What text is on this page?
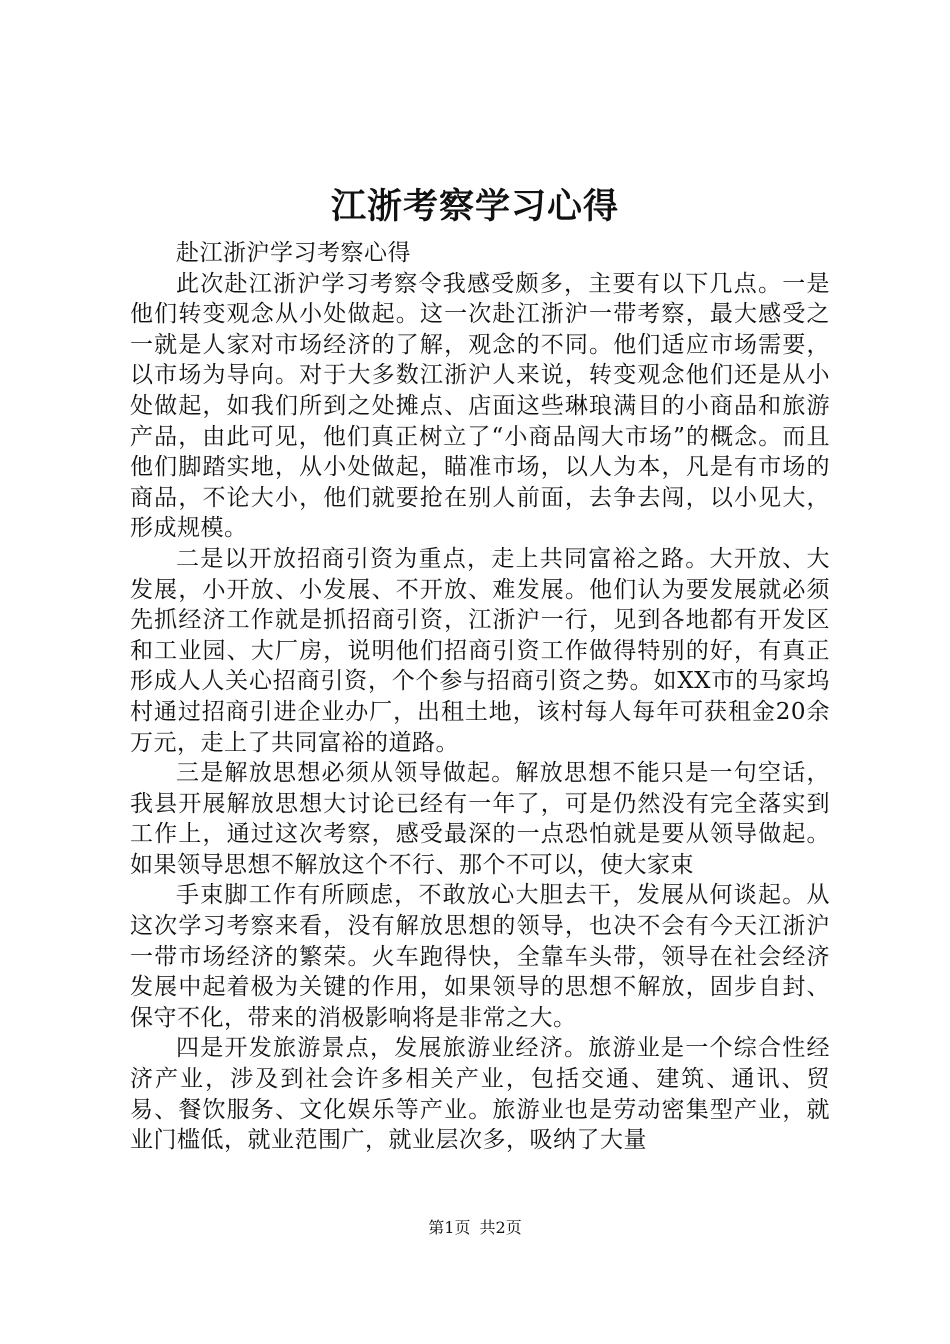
江浙考察学习心得

赴江浙沪学习考察心得

此次赴江浙沪学习考察令我感受颇多，主要有以下几点。一是他们转变观念从小处做起。这一次赴江浙沪一带考察，最大感受之一就是人家对市场经济的了解，观念的不同。他们适应市场需要，以市场为导向。对于大多数江浙沪人来说，转变观念他们还是从小处做起，如我们所到之处摊点、店面这些琳琅满目的小商品和旅游产品，由此可见，他们真正树立了“小商品闯大市场”的概念。而且他们脚踏实地，从小处做起，瞄准市场，以人为本，凡是有市场的商品，不论大小，他们就要抢在别人前面，去争去闯，以小见大，形成规模。

二是以开放招商引资为重点，走上共同富裕之路。大开放、大发展，小开放、小发展、不开放、难发展。他们认为要发展就必须先抓经济工作就是抓招商引资，江浙沪一行，见到各地都有开发区和工业园、大厂房，说明他们招商引资工作做得特别的好，有真正形成人人关心招商引资，个个参与招商引资之势。如XX市的马家坞村通过招商引进企业办厂，出租土地，该村每人每年可获租金20余万元，走上了共同富裕的道路。

三是解放思想必须从领导做起。解放思想不能只是一句空话，我县开展解放思想大讨论已经有一年了，可是仍然没有完全落实到工作上，通过这次考察，感受最深的一点恐怕就是要从领导做起。如果领导思想不解放这个不行、那个不可以，使大家束

手束脚工作有所顾虑，不敢放心大胆去干，发展从何谈起。从这次学习考察来看，没有解放思想的领导，也决不会有今天江浙沪一带市场经济的繁荣。火车跑得快，全靠车头带，领导在社会经济发展中起着极为关键的作用，如果领导的思想不解放，固步自封、保守不化，带来的消极影响将是非常之大。

四是开发旅游景点，发展旅游业经济。旅游业是一个综合性经济产业，涉及到社会许多相关产业，包括交通、建筑、通讯、贸易、餐饮服务、文化娱乐等产业。旅游业也是劳动密集型产业，就业门槛低，就业范围广，就业层次多，吸纳了大量

第1页 共2页
